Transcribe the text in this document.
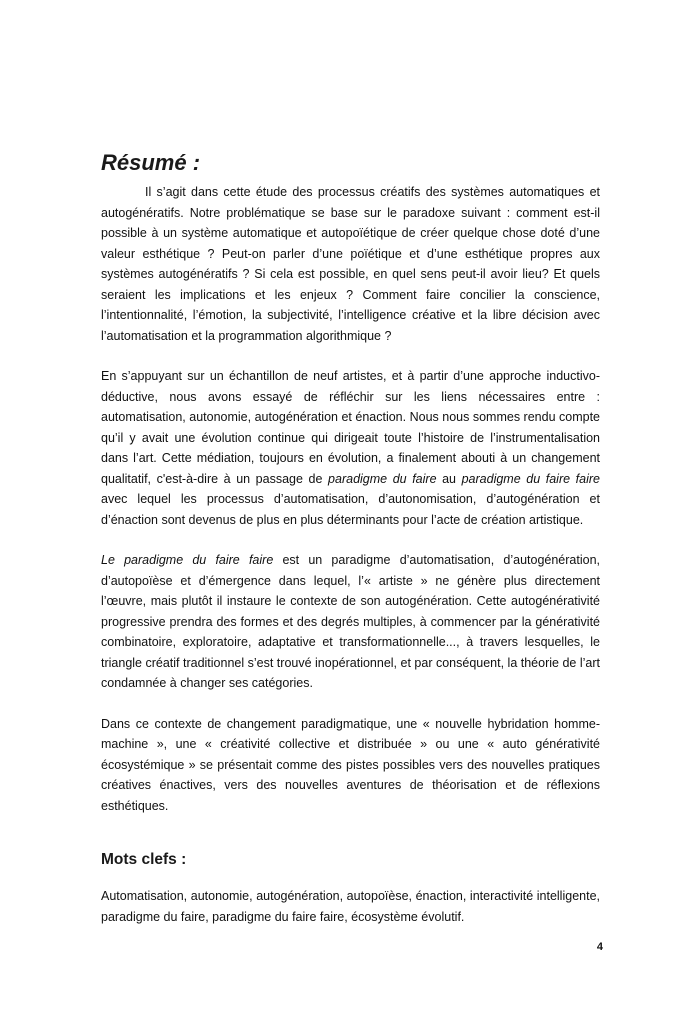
Résumé :

Il s’agit dans cette étude des processus créatifs des systèmes automatiques et autogénératifs. Notre problématique se base sur le paradoxe suivant : comment est-il possible à un système automatique et autopoïétique de créer quelque chose doté d’une valeur esthétique ? Peut-on parler d’une poïétique et d’une esthétique propres aux systèmes autogénératifs ? Si cela est possible, en quel sens peut-il avoir lieu? Et quels seraient les implications et les enjeux ? Comment faire concilier la conscience, l’intentionnalité, l’émotion, la subjectivité, l’intelligence créative et la libre décision avec l’automatisation et la programmation algorithmique ?

En s’appuyant sur un échantillon de neuf artistes, et à partir d’une approche inductivo-déductive, nous avons essayé de réfléchir sur les liens nécessaires entre : automatisation, autonomie, autogénération et énaction. Nous nous sommes rendu compte qu’il y avait une évolution continue qui dirigeait toute l’histoire de l’instrumentalisation dans l’art. Cette médiation, toujours en évolution, a finalement abouti à un changement qualitatif, c'est-à-dire à un passage de paradigme du faire au paradigme du faire faire avec lequel les processus d’automatisation, d’autonomisation, d’autogénération et d’énaction sont devenus de plus en plus déterminants pour l’acte de création artistique.

Le paradigme du faire faire est un paradigme d’automatisation, d’autogénération, d’autopoïèse et d’émergence dans lequel, l’« artiste » ne génère plus directement l’œuvre, mais plutôt il instaure le contexte de son autogénération. Cette autogénérativité progressive prendra des formes et des degrés multiples, à commencer par la générativité combinatoire, exploratoire, adaptative et transformationnelle..., à travers lesquelles, le triangle créatif traditionnel s’est trouvé inopérationnel, et par conséquent, la théorie de l’art condamnée à changer ses catégories.

Dans ce contexte de changement paradigmatique, une « nouvelle hybridation homme-machine », une « créativité collective et distribuée » ou une « auto générativité écosystémique » se présentait comme des pistes possibles vers des nouvelles pratiques créatives énactives, vers des nouvelles aventures de théorisation et de réflexions esthétiques.

Mots clefs :

Automatisation, autonomie, autogénération, autopoïèse, énaction, interactivité intelligente, paradigme du faire, paradigme du faire faire, écosystème évolutif.

4
